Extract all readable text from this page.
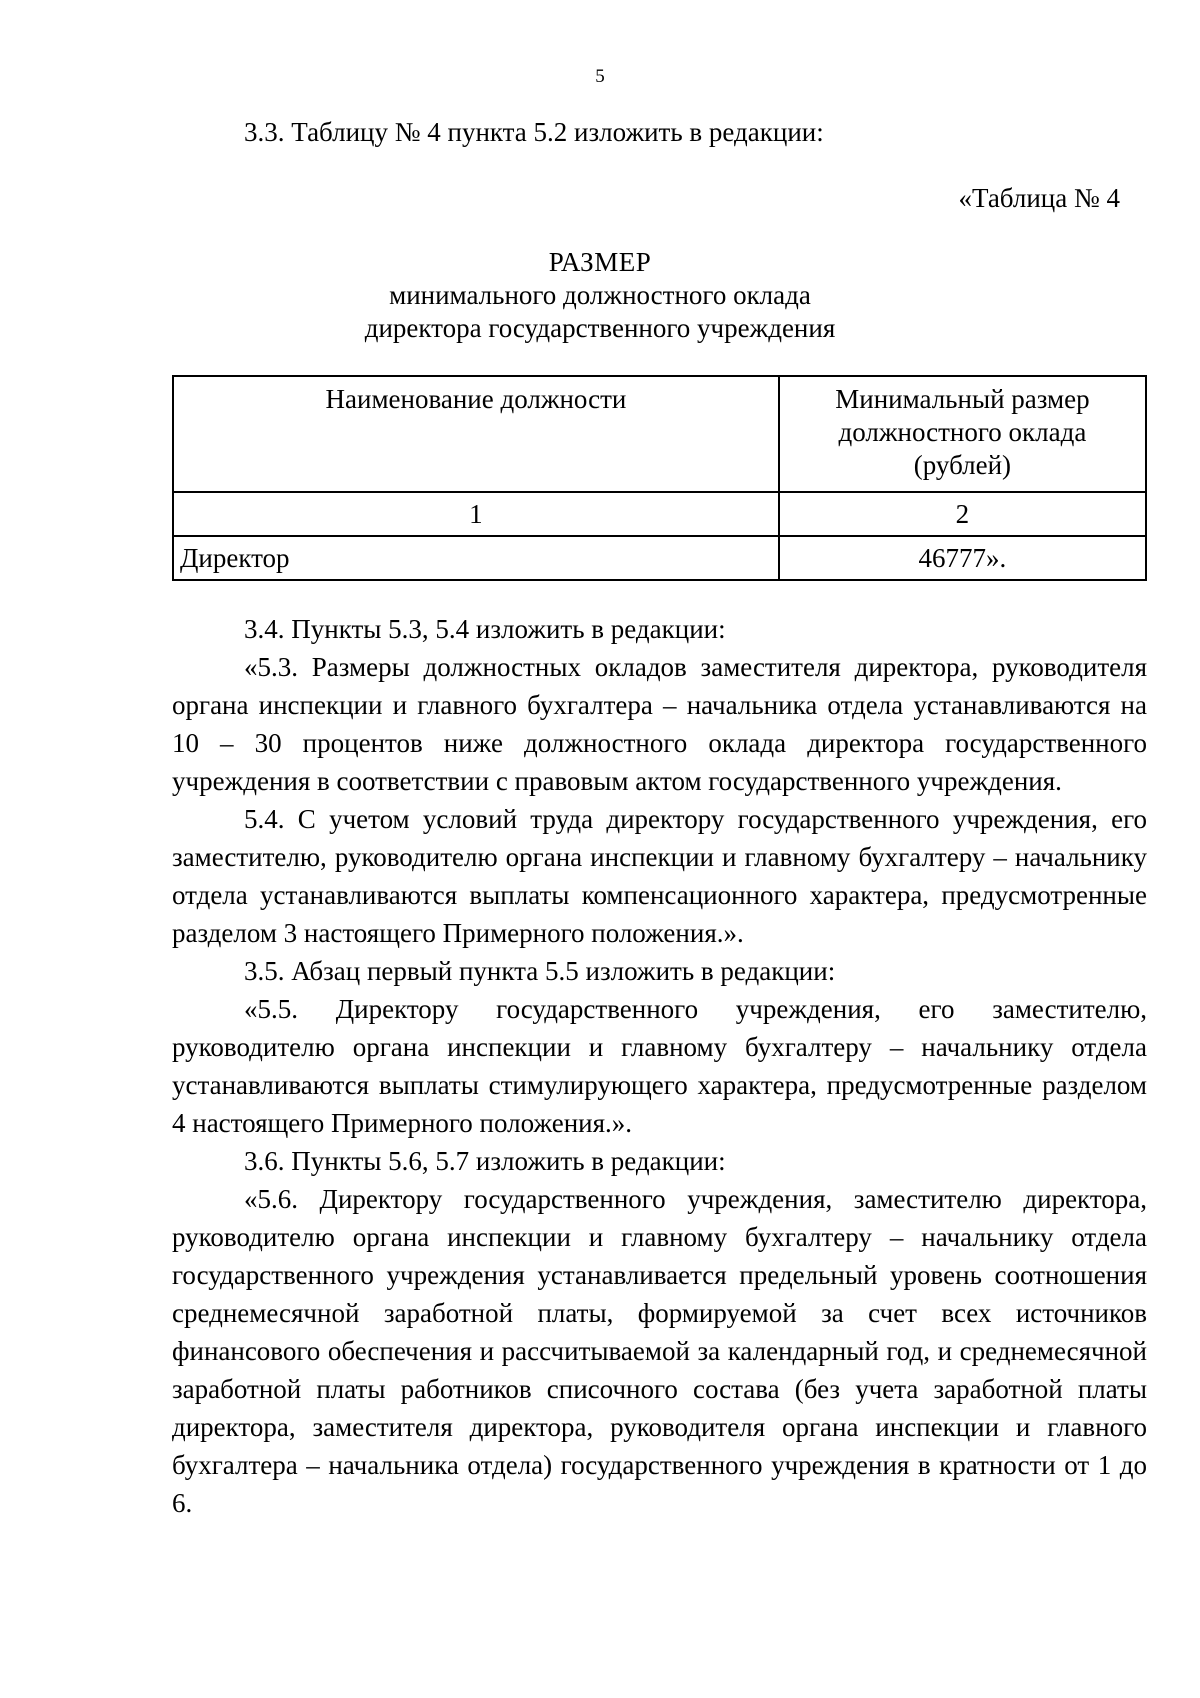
5
3.3. Таблицу № 4 пункта 5.2 изложить в редакции:
«Таблица № 4
РАЗМЕР
минимального должностного оклада
директора государственного учреждения
Наименование должности	Минимальный размер
должностного оклада
(рублей)

1	2
Директор	46777».

3.4. Пункты 5.3, 5.4 изложить в редакции:

«5.3. Размеры должностных окладов заместителя директора, руководителя органа инспекции и главного бухгалтера – начальника отдела устанавливаются на 10 – 30 процентов ниже должностного оклада директора государственного учреждения в соответствии с правовым актом государственного учреждения.

5.4. С учетом условий труда директору государственного учреждения, его заместителю, руководителю органа инспекции и главному бухгалтеру – начальнику отдела устанавливаются выплаты компенсационного характера, предусмотренные разделом 3 настоящего Примерного положения.».

3.5. Абзац первый пункта 5.5 изложить в редакции:

«5.5. Директору государственного учреждения, его заместителю, руководителю органа инспекции и главному бухгалтеру – начальнику отдела устанавливаются выплаты стимулирующего характера, предусмотренные разделом 4 настоящего Примерного положения.».

3.6. Пункты 5.6, 5.7 изложить в редакции:

«5.6. Директору государственного учреждения, заместителю директора, руководителю органа инспекции и главному бухгалтеру – начальнику отдела государственного учреждения устанавливается предельный уровень соотношения среднемесячной заработной платы, формируемой за счет всех источников финансового обеспечения и рассчитываемой за календарный год, и среднемесячной заработной платы работников списочного состава (без учета заработной платы директора, заместителя директора, руководителя органа инспекции и главного бухгалтера – начальника отдела) государственного учреждения в кратности от 1 до 6.
